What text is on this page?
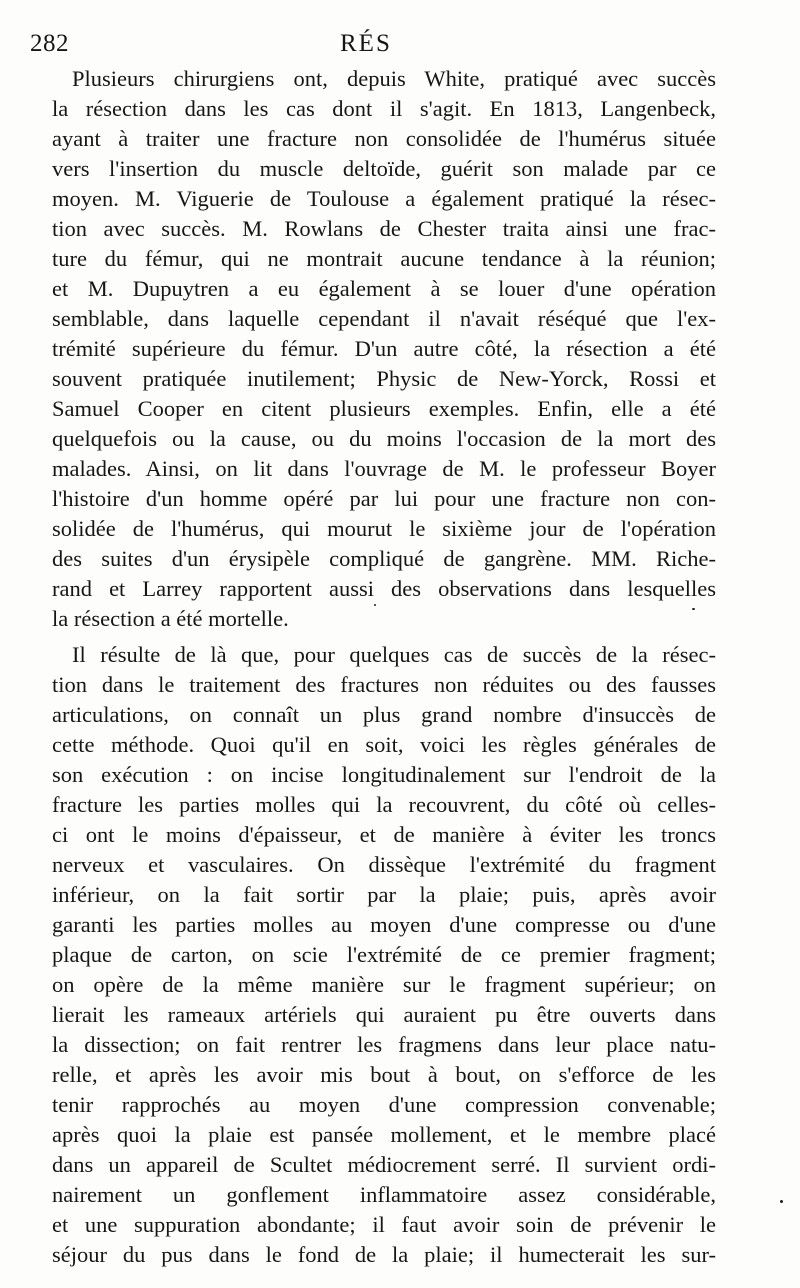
282	RÉS
Plusieurs chirurgiens ont, depuis White, pratiqué avec succès
la résection dans les cas dont il s'agit. En 1813, Langenbeck,
ayant à traiter une fracture non consolidée de l'humérus située
vers l'insertion du muscle deltoïde, guérit son malade par ce
moyen. M. Viguerie de Toulouse a également pratiqué la résec-
tion avec succès. M. Rowlans de Chester traita ainsi une frac-
ture du fémur, qui ne montrait aucune tendance à la réunion;
et M. Dupuytren a eu également à se louer d'une opération
semblable, dans laquelle cependant il n'avait réséqué que l'ex-
trémité supérieure du fémur. D'un autre côté, la résection a été
souvent pratiquée inutilement; Physic de New-Yorck, Rossi et
Samuel Cooper en citent plusieurs exemples. Enfin, elle a été
quelquefois ou la cause, ou du moins l'occasion de la mort des
malades. Ainsi, on lit dans l'ouvrage de M. le professeur Boyer
l'histoire d'un homme opéré par lui pour une fracture non con-
solidée de l'humérus, qui mourut le sixième jour de l'opération
des suites d'un érysipèle compliqué de gangrène. MM. Riche-
rand et Larrey rapportent aussi des observations dans lesquelles
la résection a été mortelle.
Il résulte de là que, pour quelques cas de succès de la résec-
tion dans le traitement des fractures non réduites ou des fausses
articulations, on connaît un plus grand nombre d'insuccès de
cette méthode. Quoi qu'il en soit, voici les règles générales de
son exécution : on incise longitudinalement sur l'endroit de la
fracture les parties molles qui la recouvrent, du côté où celles-
ci ont le moins d'épaisseur, et de manière à éviter les troncs
nerveux et vasculaires. On dissèque l'extrémité du fragment
inférieur, on la fait sortir par la plaie; puis, après avoir
garanti les parties molles au moyen d'une compresse ou d'une
plaque de carton, on scie l'extrémité de ce premier fragment;
on opère de la même manière sur le fragment supérieur; on
lierait les rameaux artériels qui auraient pu être ouverts dans
la dissection; on fait rentrer les fragmens dans leur place natu-
relle, et après les avoir mis bout à bout, on s'efforce de les
tenir rapprochés au moyen d'une compression convenable;
après quoi la plaie est pansée mollement, et le membre placé
dans un appareil de Scultet médiocrement serré. Il survient ordi-
nairement un gonflement inflammatoire assez considérable,
et une suppuration abondante; il faut avoir soin de prévenir le
séjour du pus dans le fond de la plaie; il humecterait les sur-
